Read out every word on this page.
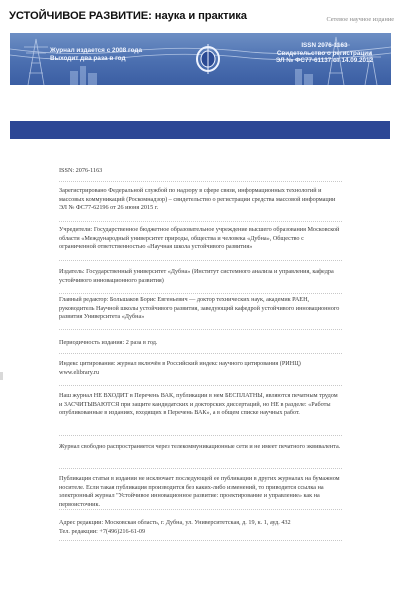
УСТОЙЧИВОЕ РАЗВИТИЕ: наука и практика	Сетевое научное издание
Журнал издается с 2008 года
Выходит два раза в год
ISSN 2076-1163
Свидетельство о регистрации
ЭЛ № ФС77-61137 от 14.09.2012

ISSN: 2076-1163

Зарегистрировано Федеральной службой по надзору в сфере связи, информационных технологий и массовых коммуникаций (Роскомнадзор) – свидетельство о регистрации средства массовой информации ЭЛ № ФС77-62196 от 26 июня 2015 г.

Учредители: Государственное бюджетное образовательное учреждение высшего образования Московской области «Международный университет природы, общества и человека «Дубна», Общество с ограниченной ответственностью «Научная школа устойчивого развития»

Издатель: Государственный университет «Дубна» (Институт системного анализа и управления, кафедра устойчивого инновационного развития)

Главный редактор: Большаков Борис Евгеньевич — доктор технических наук, академик РАЕН, руководитель Научной школы устойчивого развития, заведующий кафедрой устойчивого инновационного развития Университета «Дубна»

Периодичность издания: 2 раза в год.

Индекс цитирования: журнал включён в Российский индекс научного цитирования (РИНЦ) www.elibrary.ru

Наш журнал НЕ ВХОДИТ в Перечень ВАК, публикации в нем БЕСПЛАТНЫ, являются печатным трудом и ЗАСЧИТЫВАЮТСЯ при защите кандидатских и докторских диссертаций, но НЕ в разделе: «Работы опубликованные в изданиях, входящих в Перечень ВАК», а в общем списке научных работ.

Журнал свободно распространяется через телекоммуникационные сети и не имеет печатного эквивалента.

Публикация статьи в издании не исключает последующей ее публикации в других журналах на бумажном носителе. Если такая публикация производится без каких-либо изменений, то приводится ссылка на электронный журнал "Устойчивое инновационное развитие: проектирование и управление» как на первоисточник.

Адрес редакции: Московская область, г. Дубна, ул. Университетская, д. 19, к. 1, ауд. 432

Тел. редакции: +7(496)216-61-09
